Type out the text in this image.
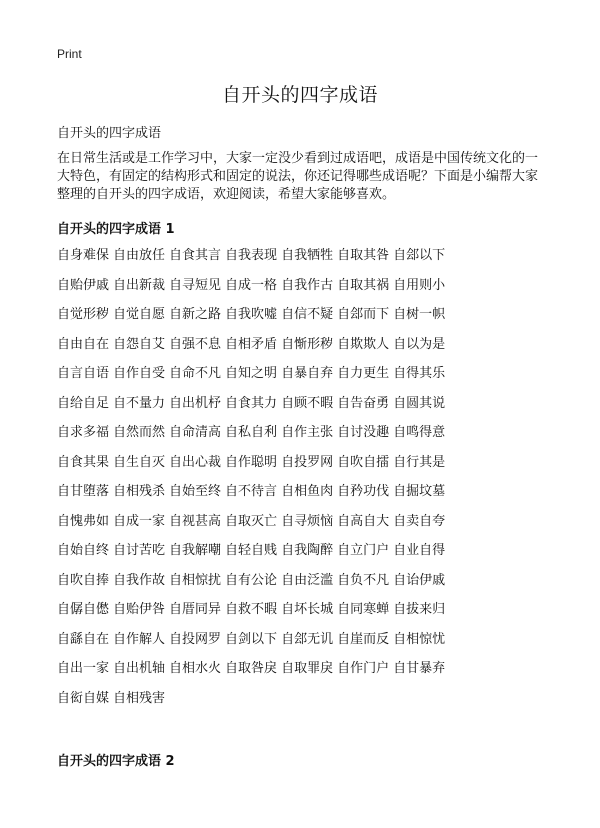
Print
自开头的四字成语
自开头的四字成语

在日常生活或是工作学习中，大家一定没少看到过成语吧，成语是中国传统文化的一大特色，有固定的结构形式和固定的说法，你还记得哪些成语呢？下面是小编帮大家整理的自开头的四字成语，欢迎阅读，希望大家能够喜欢。

自开头的四字成语 1
自身难保 自由放任 自食其言 自我表现 自我牺牲 自取其咎 自郐以下
自贻伊戚 自出新裁 自寻短见 自成一格 自我作古 自取其祸 自用则小
自觉形秽 自觉自愿 自新之路 自我吹嘘 自信不疑 自郐而下 自树一帜
自由自在 自怨自艾 自强不息 自相矛盾 自惭形秽 自欺欺人 自以为是
自言自语 自作自受 自命不凡 自知之明 自暴自弃 自力更生 自得其乐
自给自足 自不量力 自出机杼 自食其力 自顾不暇 自告奋勇 自圆其说
自求多福 自然而然 自命清高 自私自利 自作主张 自讨没趣 自鸣得意
自食其果 自生自灭 自出心裁 自作聪明 自投罗网 自吹自擂 自行其是
自甘堕落 自相残杀 自始至终 自不待言 自相鱼肉 自矜功伐 自掘坟墓
自愧弗如 自成一家 自视甚高 自取灭亡 自寻烦恼 自高自大 自卖自夸
自始自终 自讨苦吃 自我解嘲 自轻自贱 自我陶醉 自立门户 自业自得
自吹自捧 自我作故 自相惊扰 自有公论 自由泛滥 自负不凡 自诒伊戚
自僝自僽 自贻伊咎 自厝同异 自救不暇 自坏长城 自同寒蝉 自拔来归
自繇自在 自作解人 自投网罗 自剑以下 自郐无讥 自崖而反 自相惊忧
自出一家 自出机轴 自相水火 自取咎戾 自取罪戾 自作门户 自甘暴弃
自衒自媒 自相残害
自开头的四字成语 2
